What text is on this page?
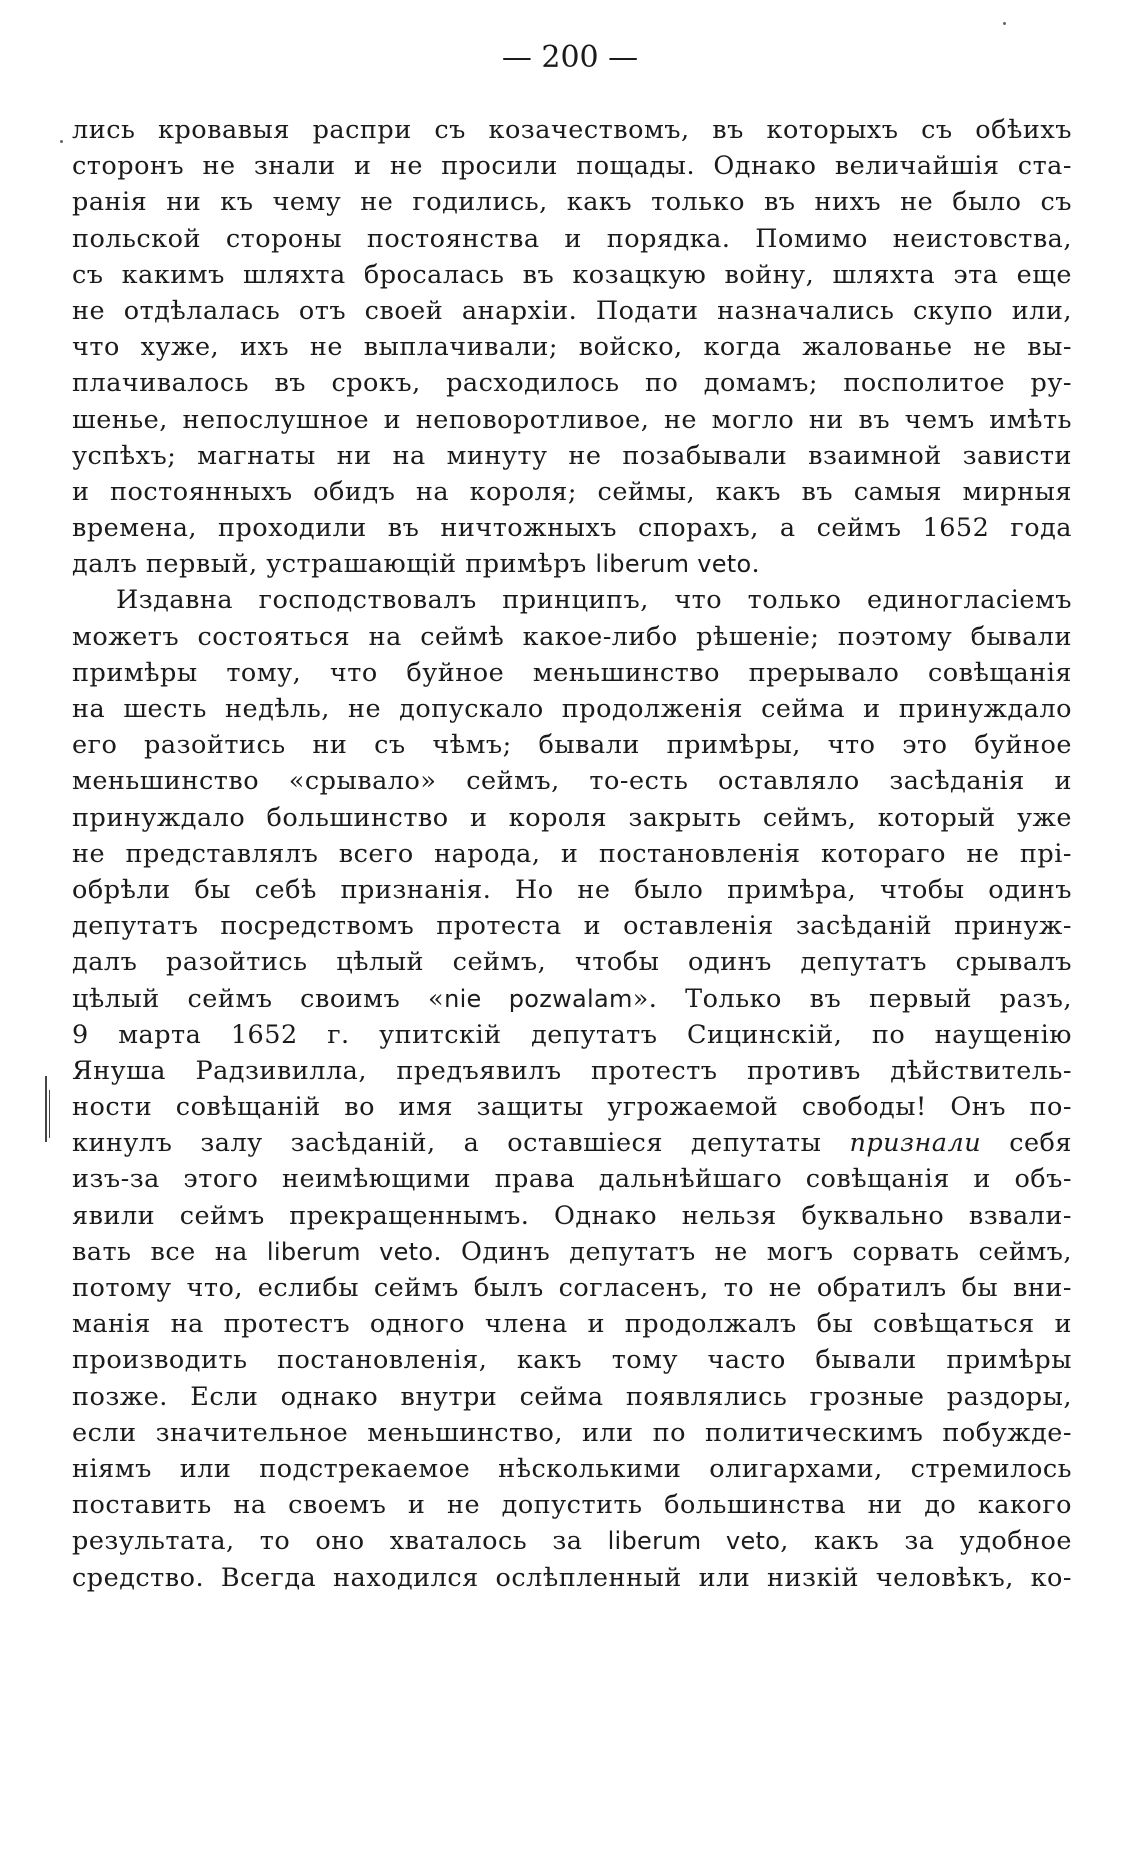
— 200 —
лись кровавыя распри съ козачествомъ, въ которыхъ съ обѣихъ
сторонъ не знали и не просили пощады. Однако величайшія ста-
ранія ни къ чему не годились, какъ только въ нихъ не было съ
польской стороны постоянства и порядка. Помимо неистовства,
съ какимъ шляхта бросалась въ козацкую войну, шляхта эта еще
не отдѣлалась отъ своей анархіи. Подати назначались скупо или,
что хуже, ихъ не выплачивали; войско, когда жалованье не вы-
плачивалось въ срокъ, расходилось по домамъ; посполитое ру-
шенье, непослушное и неповоротливое, не могло ни въ чемъ имѣть
успѣхъ; магнаты ни на минуту не позабывали взаимной зависти
и постоянныхъ обидъ на короля; сеймы, какъ въ самыя мирныя
времена, проходили въ ничтожныхъ спорахъ, а сеймъ 1652 года
далъ первый, устрашающій примѣръ liberum veto.
Издавна господствовалъ принципъ, что только единогласіемъ
можетъ состояться на сеймѣ какое-либо рѣшеніе; поэтому бывали
примѣры тому, что буйное меньшинство прерывало совѣщанія
на шесть недѣль, не допускало продолженія сейма и принуждало
его разойтись ни съ чѣмъ; бывали примѣры, что это буйное
меньшинство «срывало» сеймъ, то-есть оставляло засѣданія и
принуждало большинство и короля закрыть сеймъ, который уже
не представлялъ всего народа, и постановленія котораго не прі-
обрѣли бы себѣ признанія. Но не было примѣра, чтобы одинъ
депутатъ посредствомъ протеста и оставленія засѣданій принуж-
далъ разойтись цѣлый сеймъ, чтобы одинъ депутатъ срывалъ
цѣлый сеймъ своимъ «nie pozwalam». Только въ первый разъ,
9 марта 1652 г. упитскій депутатъ Сицинскій, по наущенію
Януша Радзивилла, предъявилъ протестъ противъ дѣйствитель-
ности совѣщаній во имя защиты угрожаемой свободы! Онъ по-
кинулъ залу засѣданій, а оставшіеся депутаты признали себя
изъ-за этого неимѣющими права дальнѣйшаго совѣщанія и объ-
явили сеймъ прекращеннымъ. Однако нельзя буквально взвали-
вать все на liberum veto. Одинъ депутатъ не могъ сорвать сеймъ,
потому что, еслибы сеймъ былъ согласенъ, то не обратилъ бы вни-
манія на протестъ одного члена и продолжалъ бы совѣщаться и
производить постановленія, какъ тому часто бывали примѣры
позже. Если однако внутри сейма появлялись грозные раздоры,
если значительное меньшинство, или по политическимъ побужде-
ніямъ или подстрекаемое нѣсколькими олигархами, стремилось
поставить на своемъ и не допустить большинства ни до какого
результата, то оно хваталось за liberum veto, какъ за удобное
средство. Всегда находился ослѣпленный или низкій человѣкъ, ко-
